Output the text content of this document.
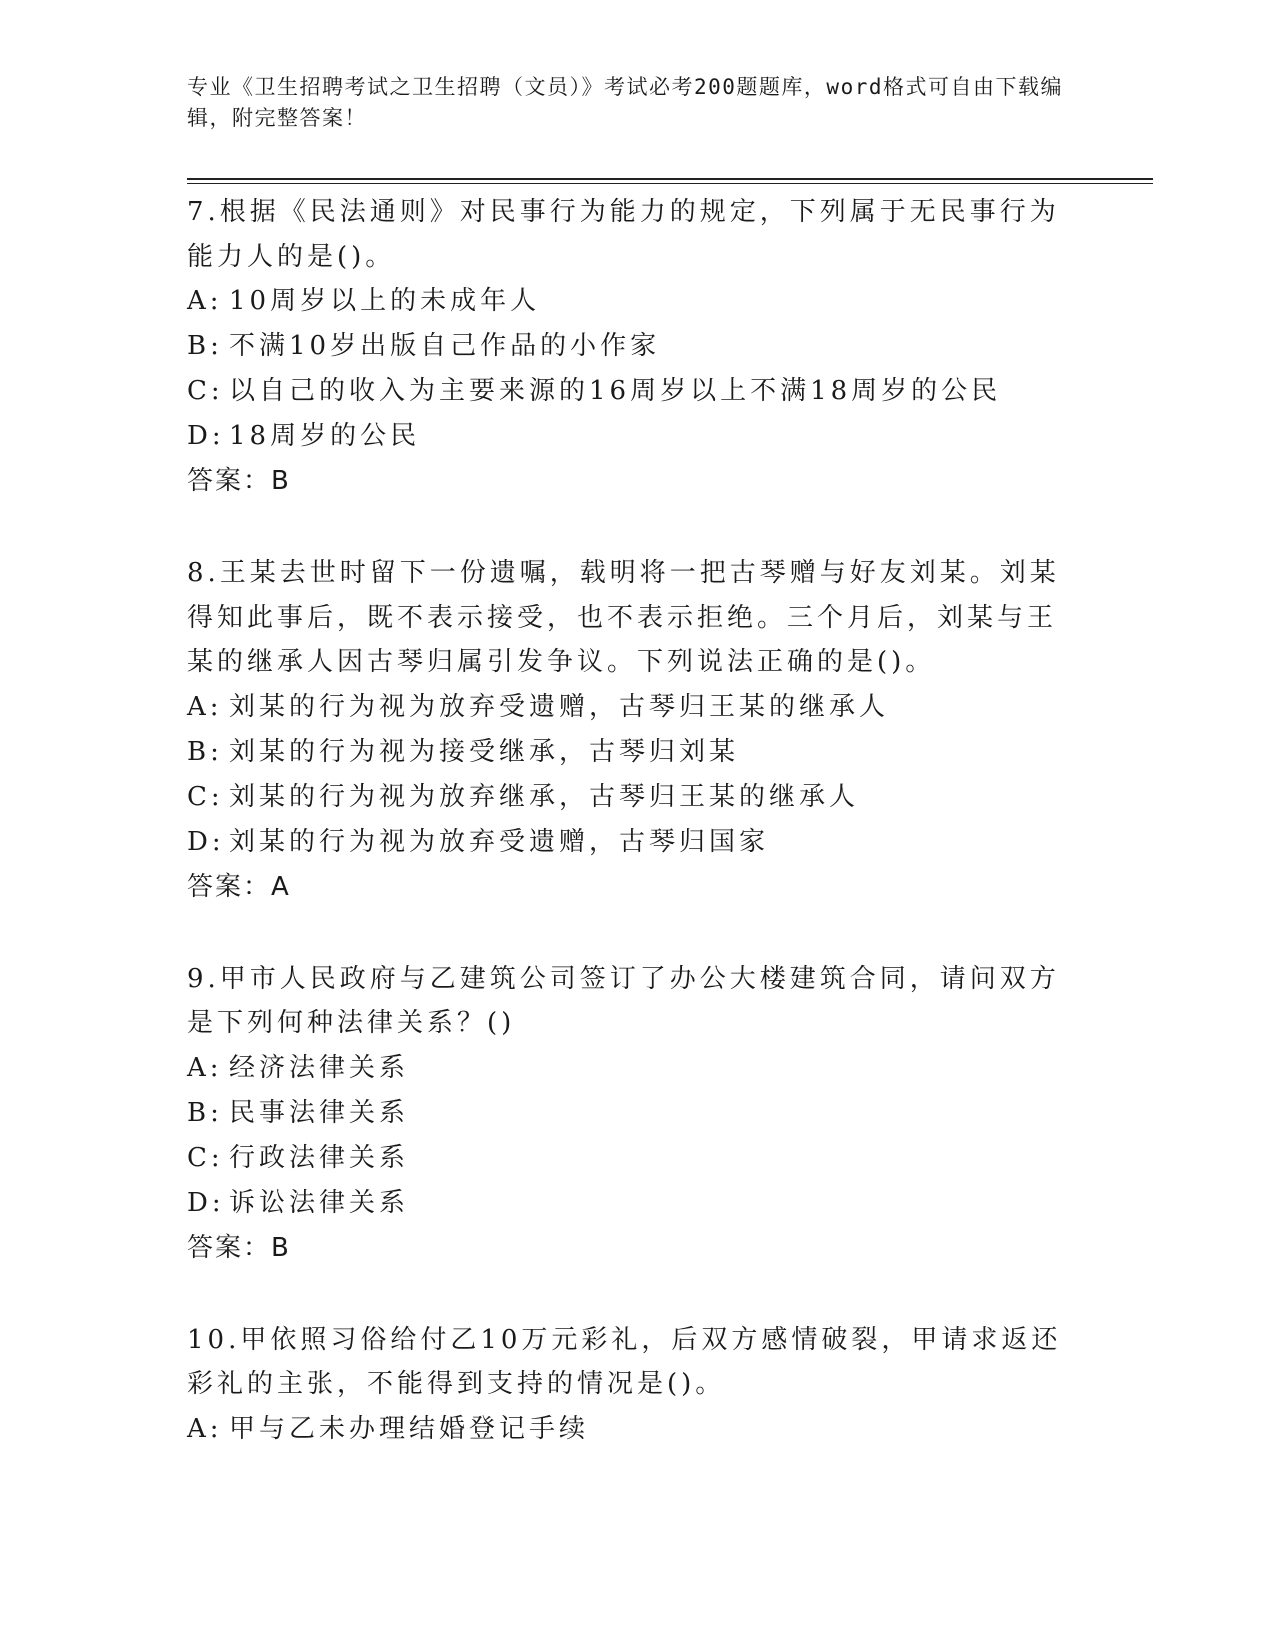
专业《卫生招聘考试之卫生招聘（文员）》考试必考200题题库，word格式可自由下载编辑，附完整答案！

7.根据《民法通则》对民事行为能力的规定，下列属于无民事行为能力人的是()。

A: 10周岁以上的未成年人

B: 不满10岁出版自己作品的小作家

C: 以自己的收入为主要来源的16周岁以上不满18周岁的公民

D: 18周岁的公民

答案：B

8.王某去世时留下一份遗嘱，载明将一把古琴赠与好友刘某。刘某得知此事后，既不表示接受，也不表示拒绝。三个月后，刘某与王某的继承人因古琴归属引发争议。下列说法正确的是()。

A: 刘某的行为视为放弃受遗赠，古琴归王某的继承人

B: 刘某的行为视为接受继承，古琴归刘某

C: 刘某的行为视为放弃继承，古琴归王某的继承人

D: 刘某的行为视为放弃受遗赠，古琴归国家

答案：A

9.甲市人民政府与乙建筑公司签订了办公大楼建筑合同，请问双方是下列何种法律关系？()

A: 经济法律关系

B: 民事法律关系

C: 行政法律关系

D: 诉讼法律关系

答案：B

10.甲依照习俗给付乙10万元彩礼，后双方感情破裂，甲请求返还彩礼的主张，不能得到支持的情况是()。

A: 甲与乙未办理结婚登记手续
